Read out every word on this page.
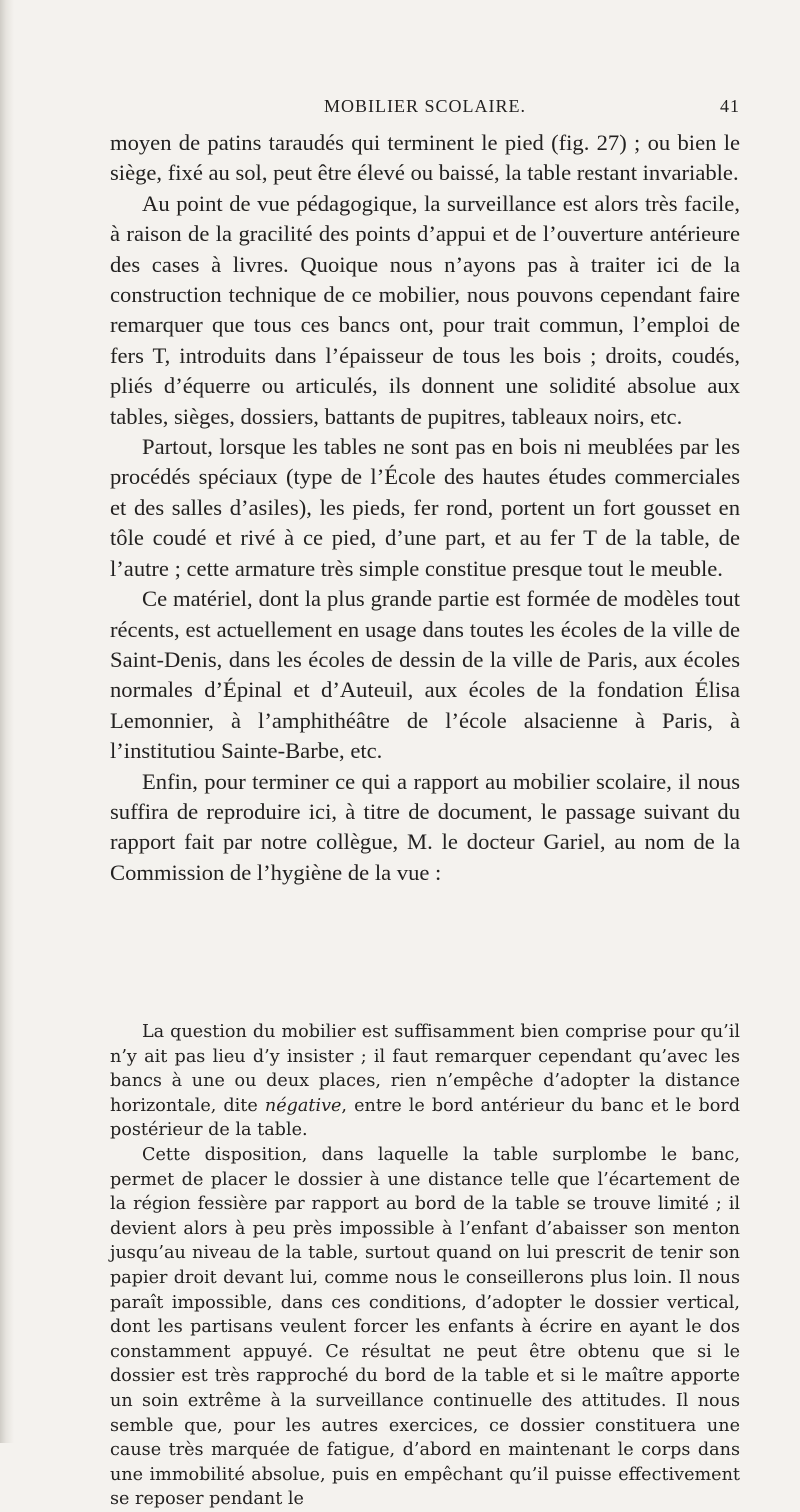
MOBILIER SCOLAIRE.	41

moyen de patins taraudés qui terminent le pied (fig. 27) ; ou bien le siège, fixé au sol, peut être élevé ou baissé, la table restant invariable.

Au point de vue pédagogique, la surveillance est alors très facile, à raison de la gracilité des points d’appui et de l’ouverture antérieure des cases à livres. Quoique nous n’ayons pas à traiter ici de la construction technique de ce mobilier, nous pouvons cependant faire remarquer que tous ces bancs ont, pour trait commun, l’emploi de fers T, introduits dans l’épaisseur de tous les bois ; droits, coudés, pliés d’équerre ou articulés, ils donnent une solidité absolue aux tables, sièges, dossiers, battants de pupitres, tableaux noirs, etc.

Partout, lorsque les tables ne sont pas en bois ni meublées par les procédés spéciaux (type de l’École des hautes études commerciales et des salles d’asiles), les pieds, fer rond, portent un fort gousset en tôle coudé et rivé à ce pied, d’une part, et au fer T de la table, de l’autre ; cette armature très simple constitue presque tout le meuble.

Ce matériel, dont la plus grande partie est formée de modèles tout récents, est actuellement en usage dans toutes les écoles de la ville de Saint-Denis, dans les écoles de dessin de la ville de Paris, aux écoles normales d’Épinal et d’Auteuil, aux écoles de la fondation Élisa Lemonnier, à l’amphithéâtre de l’école alsacienne à Paris, à l’institutiou Sainte-Barbe, etc.

Enfin, pour terminer ce qui a rapport au mobilier scolaire, il nous suffira de reproduire ici, à titre de document, le passage suivant du rapport fait par notre collègue, M. le docteur Gariel, au nom de la Commission de l’hygiène de la vue :

La question du mobilier est suffisamment bien comprise pour qu’il n’y ait pas lieu d’y insister ; il faut remarquer cependant qu’avec les bancs à une ou deux places, rien n’empêche d’adopter la distance horizontale, dite négative, entre le bord antérieur du banc et le bord postérieur de la table.

Cette disposition, dans laquelle la table surplombe le banc, permet de placer le dossier à une distance telle que l’écartement de la région fessière par rapport au bord de la table se trouve limité ; il devient alors à peu près impossible à l’enfant d’abaisser son menton jusqu’au niveau de la table, surtout quand on lui prescrit de tenir son papier droit devant lui, comme nous le conseillerons plus loin. Il nous paraît impossible, dans ces conditions, d’adopter le dossier vertical, dont les partisans veulent forcer les enfants à écrire en ayant le dos constamment appuyé. Ce résultat ne peut être obtenu que si le dossier est très rapproché du bord de la table et si le maître apporte un soin extrême à la surveillance continuelle des attitudes. Il nous semble que, pour les autres exercices, ce dossier constituera une cause très marquée de fatigue, d’abord en maintenant le corps dans une immobilité absolue, puis en empêchant qu’il puisse effectivement se reposer pendant le
